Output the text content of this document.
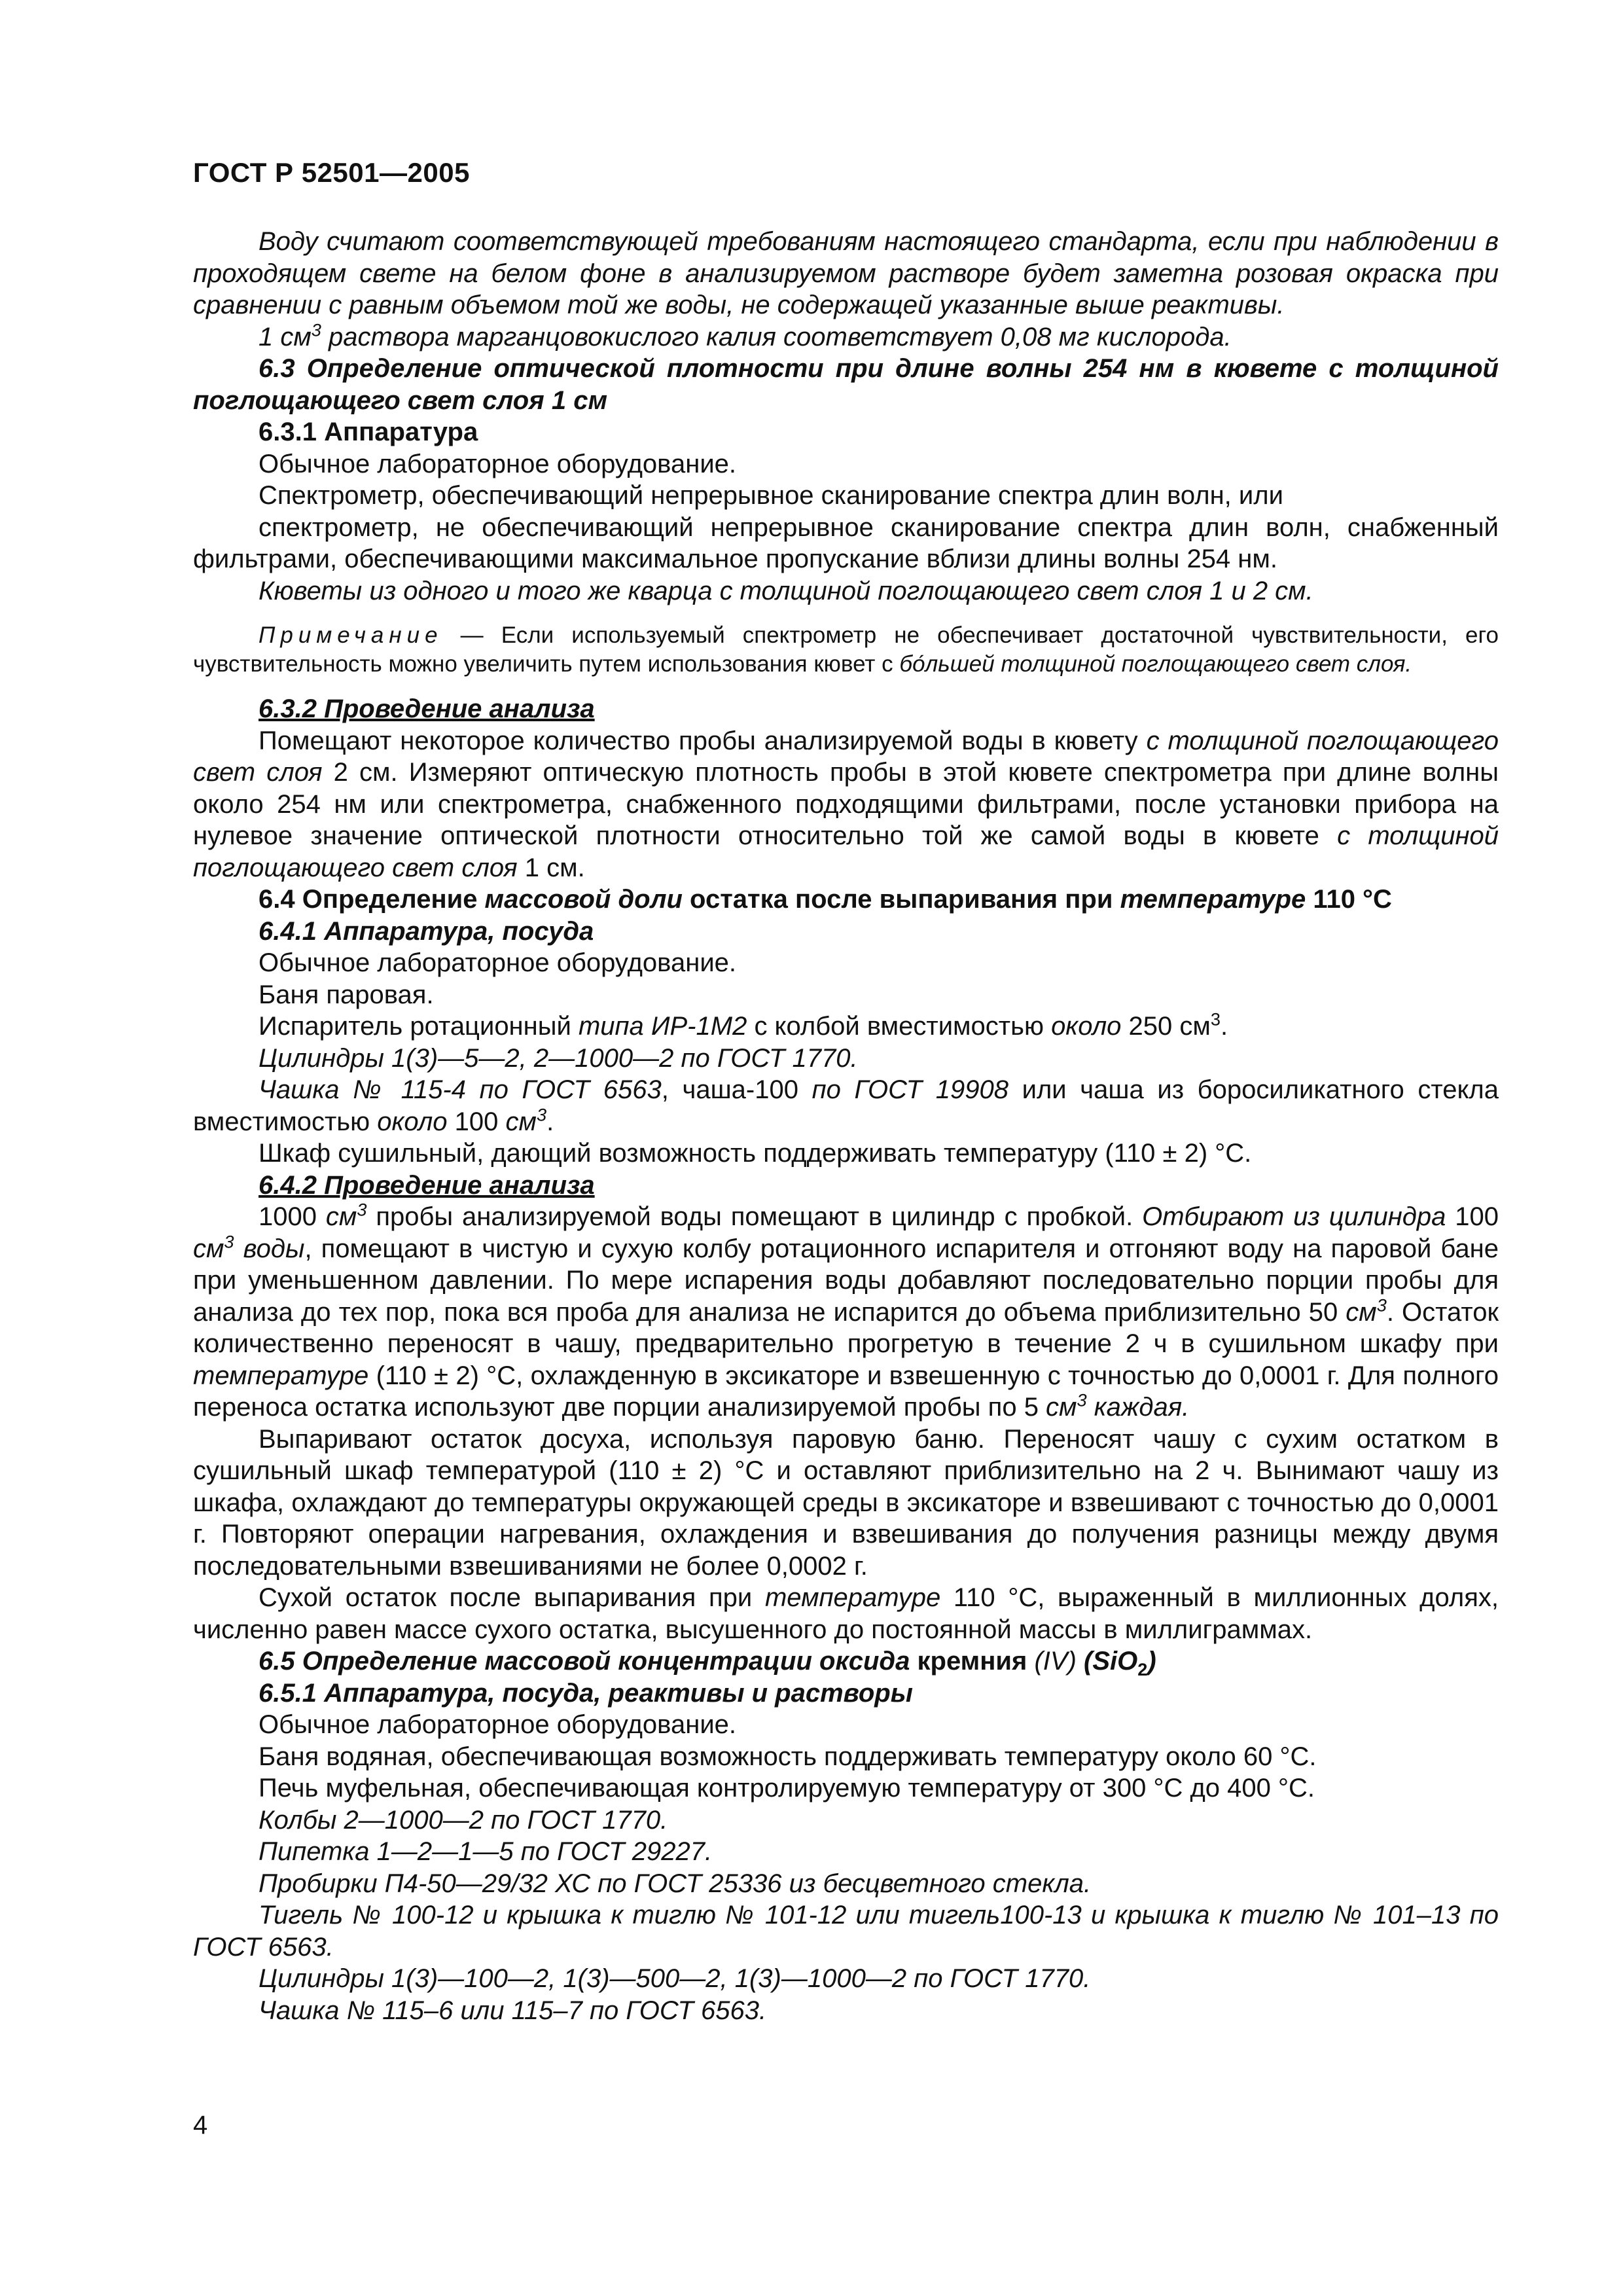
ГОСТ Р 52501—2005

Воду считают соответствующей требованиям настоящего стандарта, если при наблюдении в проходящем свете на белом фоне в анализируемом растворе будет заметна розовая окраска при сравнении с равным объемом той же воды, не содержащей указанные выше реактивы.

1 $см^3$ раствора марганцовокислого калия соответствует 0,08 мг кислорода.

6.3 Определение оптической плотности при длине волны 254 нм в кювете с толщиной поглощающего свет слоя 1 см

6.3.1 Аппаратура

Обычное лабораторное оборудование.

Спектрометр, обеспечивающий непрерывное сканирование спектра длин волн, или

спектрометр, не обеспечивающий непрерывное сканирование спектра длин волн, снабженный фильтрами, обеспечивающими максимальное пропускание вблизи длины волны 254 нм.

Кюветы из одного и того же кварца с толщиной поглощающего свет слоя 1 и 2 см.

Примечание — Если используемый спектрометр не обеспечивает достаточной чувствительности, его чувствительность можно увеличить путем использования кювет с бо́льшей толщиной поглощающего свет слоя.

6.3.2 Проведение анализа

Помещают некоторое количество пробы анализируемой воды в кювету с толщиной поглощающего свет слоя 2 см. Измеряют оптическую плотность пробы в этой кювете спектрометра при длине волны около 254 нм или спектрометра, снабженного подходящими фильтрами, после установки прибора на нулевое значение оптической плотности относительно той же самой воды в кювете с толщиной поглощающего свет слоя 1 см.

6.4 Определение массовой доли остатка после выпаривания при температуре 110 °С

6.4.1 Аппаратура, посуда

Обычное лабораторное оборудование.

Баня паровая.

Испаритель ротационный типа ИР-1М2 с колбой вместимостью около 250 $см^3$.

Цилиндры 1(3)—5—2, 2—1000—2 по ГОСТ 1770.

Чашка № 115-4 по ГОСТ 6563, чаша-100 по ГОСТ 19908 или чаша из боросиликатного стекла вместимостью около 100 $см^3$.

Шкаф сушильный, дающий возможность поддерживать температуру (110 ± 2) °С.

6.4.2 Проведение анализа

1000 $см^3$ пробы анализируемой воды помещают в цилиндр с пробкой. Отбирают из цилиндра 100 $см^3$ воды, помещают в чистую и сухую колбу ротационного испарителя и отгоняют воду на паровой бане при уменьшенном давлении. По мере испарения воды добавляют последовательно порции пробы для анализа до тех пор, пока вся проба для анализа не испарится до объема приблизительно 50 $см^3$. Остаток количественно переносят в чашу, предварительно прогретую в течение 2 ч в сушильном шкафу при температуре (110 ± 2) °С, охлажденную в эксикаторе и взвешенную с точностью до 0,0001 г. Для полного переноса остатка используют две порции анализируемой пробы по 5 $см^3$ каждая.

Выпаривают остаток досуха, используя паровую баню. Переносят чашу с сухим остатком в сушильный шкаф температурой (110 ± 2) °С и оставляют приблизительно на 2 ч. Вынимают чашу из шкафа, охлаждают до температуры окружающей среды в эксикаторе и взвешивают с точностью до 0,0001 г. Повторяют операции нагревания, охлаждения и взвешивания до получения разницы между двумя последовательными взвешиваниями не более 0,0002 г.

Сухой остаток после выпаривания при температуре 110 °С, выраженный в миллионных долях, численно равен массе сухого остатка, высушенного до постоянной массы в миллиграммах.

6.5 Определение массовой концентрации оксида кремния (IV) (SiO$_2$)

6.5.1 Аппаратура, посуда, реактивы и растворы

Обычное лабораторное оборудование.

Баня водяная, обеспечивающая возможность поддерживать температуру около 60 °С.

Печь муфельная, обеспечивающая контролируемую температуру от 300 °С до 400 °С.

Колбы 2—1000—2 по ГОСТ 1770.

Пипетка 1—2—1—5 по ГОСТ 29227.

Пробирки П4-50—29/32 ХС по ГОСТ 25336 из бесцветного стекла.

Тигель № 100-12 и крышка к тиглю № 101-12 или тигель100-13 и крышка к тиглю № 101–13 по ГОСТ 6563.

Цилиндры 1(3)—100—2, 1(3)—500—2, 1(3)—1000—2 по ГОСТ 1770.

Чашка № 115–6 или 115–7 по ГОСТ 6563.

4
